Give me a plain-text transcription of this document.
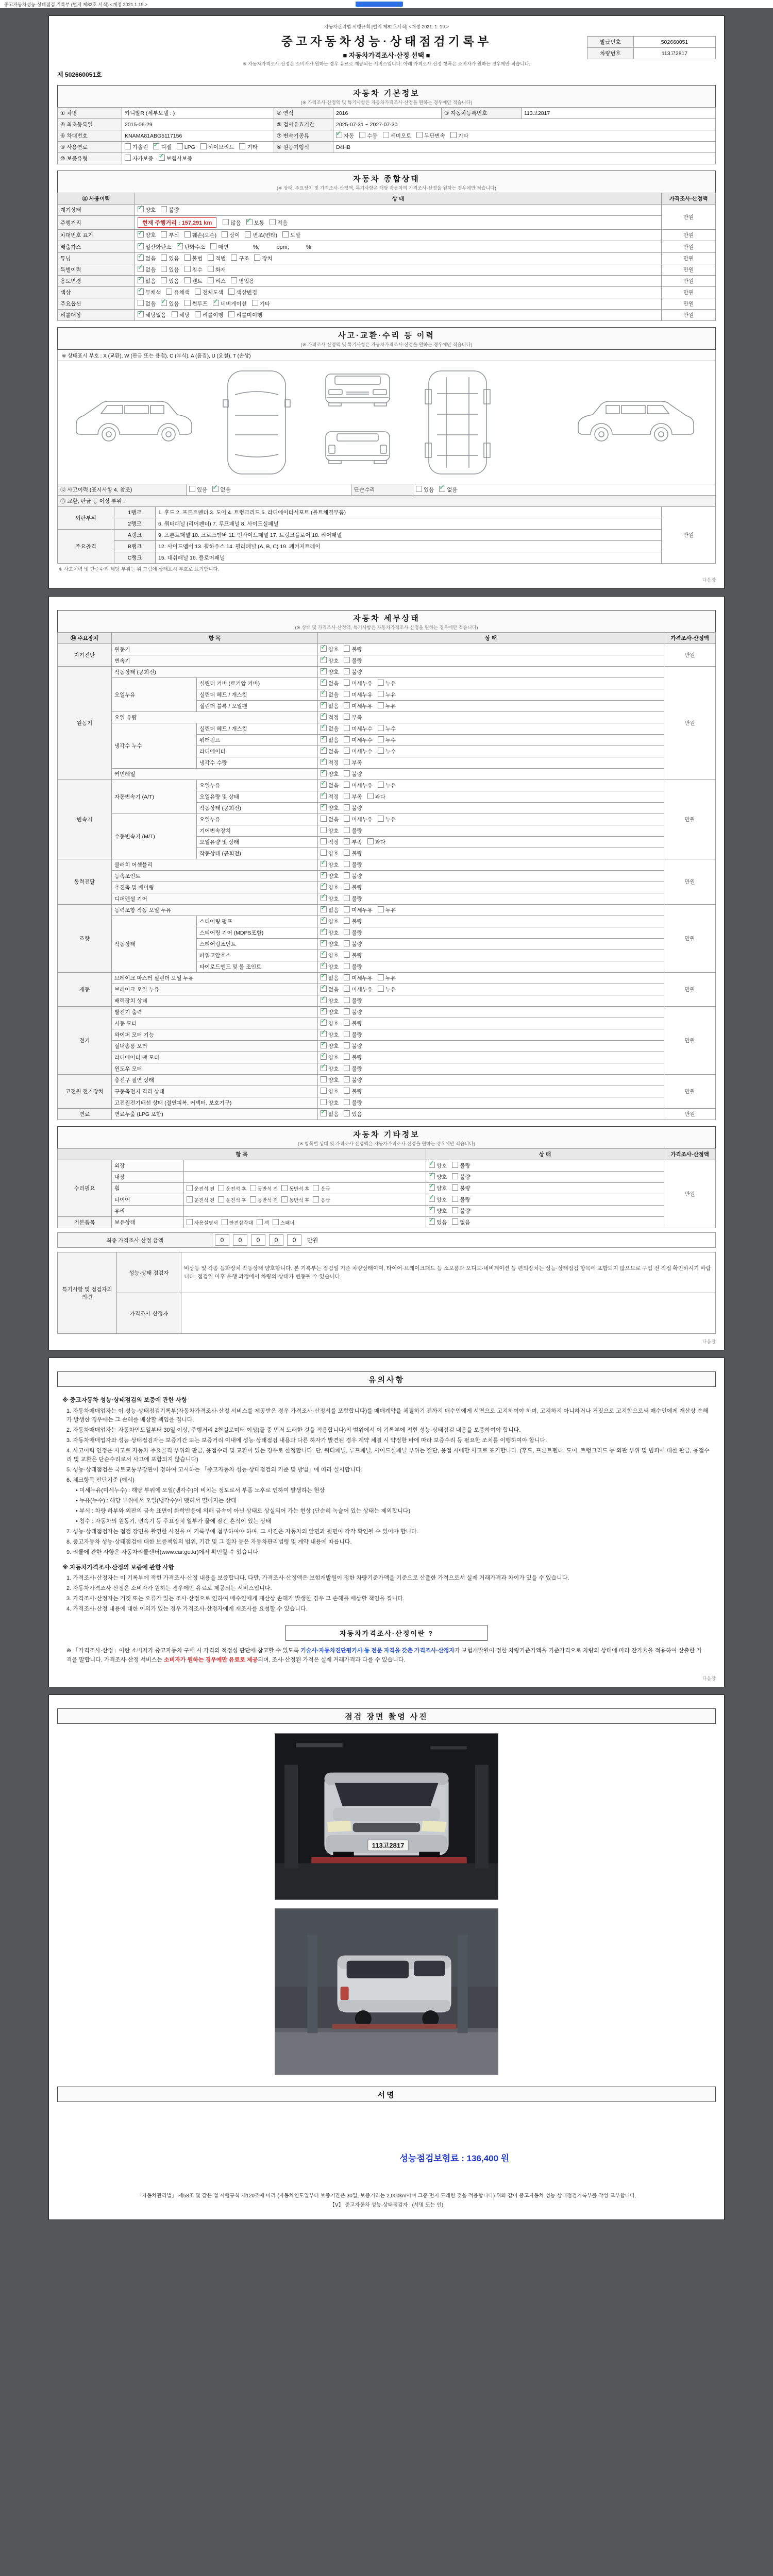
중고자동차성능·상태점검 기록부 (별지 제82호 서식) <개정 2021.1.19.>
자동차관리법 시행규칙 [별지 제82호서식] <개정 2021. 1. 19.>
발급번호	502660051
차량번호	113고2817
중고자동차성능·상태점검기록부
■ 자동차가격조사·산정 선택 ■
※ 자동차가격조사·산정은 소비자가 원하는 경우 유료로 제공되는 서비스입니다. 아래 가격조사·산정 항목은 소비자가 원하는 경우에만 적습니다.
제 502660051호
자동차 기본정보
(※ 가격조사·산정액 및 특기사항은 자동차가격조사·산정을 원하는 경우에만 적습니다)
① 차명	카니발R (세부모델 : )	② 연식	2016	③ 자동차등록번호	113고2817
④ 최초등록일	2015-06-29	⑤ 검사유효기간	2025-07-31 ~ 2027-07-30		
⑥ 차대번호	KNAMA81ABG5117156	⑦ 변속기종류	✓자동 수동 세미오토 무단변속 기타
⑧ 사용연료	가솔린 ✓ 디젤 LPG 하이브리드 기타	⑨ 원동기형식	D4HB		
⑩ 보증유형	자가보증 ✓ 보험사보증
자동차 종합상태
(※ 상태, 주요장치 및 가격조사·산정액, 특기사항은 해당 자동차의 가격조사·산정을 원하는 경우에만 적습니다)
⑪ 사용이력	상 태	가격조사·산정액
계기상태	✓양호 불량	만원
주행거리	현재 주행거리 : 157,291 km 많음 ✓ 보통 적음
차대번호 표기	✓양호 부식 훼손(오손) 상이 변조(변타) 도말	만원
배출가스	✓일산화탄소 ✓ 탄화수소 매연　　　%,　　　ppm,　　　%	만원
튜닝	✓없음 있음 불법 적법 구조 장치	만원
특별이력	✓없음 있음 침수 화재	만원
용도변경	✓없음 있음 렌트 리스 영업용	만원
색상	✓무채색 유채색 전체도색 색상변경	만원
주요옵션	없음 ✓ 있음 썬루프 ✓ 네비게이션 기타	만원
리콜대상	✓해당없음 해당 리콜이행 리콜미이행	만원
사고·교환·수리 등 이력
(※ 가격조사·산정액 및 특기사항은 자동차가격조사·산정을 원하는 경우에만 적습니다)
※ 상태표시 부호 : X (교환), W (판금 또는 용접), C (부식), A (흠집), U (요철), T (손상)
⑫ 사고이력 (표시사항 4. 참조)	있음 ✓ 없음	단순수리	있음 ✓ 없음
⑬ 교환, 판금 등 이상 부위 :			
외판부위	1랭크	1. 후드 2. 프론트펜더 3. 도어 4. 트렁크리드 5. 라디에이터서포트 (볼트체결부품)	만원
	2랭크	6. 쿼터패널 (리어펜더) 7. 루프패널 8. 사이드실패널	
주요골격	A랭크	9. 프론트패널 10. 크로스멤버 11. 인사이드패널 17. 트렁크플로어 18. 리어패널	
	B랭크	12. 사이드멤버 13. 휠하우스 14. 필러패널 (A, B, C) 19. 패키지트레이	
	C랭크	15. 대쉬패널 16. 플로어패널	
※ 사고이력 및 단순수리 해당 부위는 위 그림에 상태표시 부호로 표기합니다.
다음장
자동차 세부상태
(※ 상태 및 가격조사·산정액, 특기사항은 자동차가격조사·산정을 원하는 경우에만 적습니다)
⑭ 주요장치	항 목		상 태	가격조사·산정액
자기진단	원동기	✓양호 불량	만원
	변속기	✓양호 불량
원동기	작동상태 (공회전)	✓양호 불량	만원
	오일누유	실린더 커버 (로커암 커버)	✓없음 미세누유 누유
		실린더 헤드 / 개스킷	✓없음 미세누유 누유
		실린더 블록 / 오일팬	✓없음 미세누유 누유
	오일 유량	✓적정 부족
	냉각수 누수	실린더 헤드 / 개스킷	✓없음 미세누수 누수
		워터펌프	✓없음 미세누수 누수
		라디에이터	✓없음 미세누수 누수
		냉각수 수량	✓적정 부족
	커먼레일	✓양호 불량
변속기	자동변속기 (A/T)	오일누유	✓없음 미세누유 누유	만원
		오일유량 및 상태	✓적정 부족 과다
		작동상태 (공회전)	✓양호 불량
	수동변속기 (M/T)	오일누유	없음 미세누유 누유	
		기어변속장치	양호 불량	
		오일유량 및 상태	적정 부족 과다	
		작동상태 (공회전)	양호 불량	
동력전달	클러치 어셈블리	✓양호 불량	만원
	등속조인트	✓양호 불량
	추진축 및 베어링	✓양호 불량
	디퍼렌셜 기어	✓양호 불량
조향	동력조향 작동 오일 누유	✓없음 미세누유 누유	만원
	작동상태	스티어링 펌프	✓양호 불량
		스티어링 기어 (MDPS포함)	✓양호 불량
		스티어링조인트	✓양호 불량
		파워고압호스	✓양호 불량
		타이로드엔드 및 볼 조인트	✓양호 불량
제동	브레이크 마스터 실린더 오일 누유	✓없음 미세누유 누유	만원
	브레이크 오일 누유	✓없음 미세누유 누유
	배력장치 상태	✓양호 불량
전기	발전기 출력	✓양호 불량	만원
	시동 모터	✓양호 불량
	와이퍼 모터 기능	✓양호 불량
	실내송풍 모터	✓양호 불량
	라디에이터 팬 모터	✓양호 불량
	윈도우 모터	✓양호 불량
고전원 전기장치	충전구 절연 상태		양호 불량	만원
	구동축전지 격리 상태		양호 불량	
	고전원전기배선 상태 (절연피복, 커넥터, 보호기구)		양호 불량	
연료	연료누출 (LPG 포함)	✓없음 있음	만원
자동차 기타정보
(※ 항목별 상태 및 가격조사·산정액은 자동차가격조사·산정을 원하는 경우에만 적습니다)
항 목			상 태	가격조사·산정액
수리필요	외장		✓양호 불량	만원
	내장		✓양호 불량
	휠	운전석 전 운전석 후 동반석 전 동반석 후 응급	✓양호 불량
	타이어	운전석 전 운전석 후 동반석 전 동반석 후 응급	✓양호 불량
	유리		✓양호 불량
기본품목	보유상태	사용설명서 안전삼각대 잭 스패너	✓있음 없음
최종 가격조사·산정 금액	0 0 0 0 0 만원
특기사항 및 점검자의 의견	성능·상태 점검자	비상등 및 각종 등화장치 작동상태 양호합니다. 본 기록부는 점검일 기준 차량상태이며, 타이어·브레이크패드 등 소모품과 오디오·네비게이션 등 편의장치는 성능·상태점검 항목에 포함되지 않으므로 구입 전 직접 확인하시기 바랍니다. 점검일 이후 운행 과정에서 차량의 상태가 변동될 수 있습니다.
	가격조사·산정자	
다음장
유의사항
※ 중고자동차 성능·상태점검의 보증에 관한 사항
1. 자동차매매업자는 이 성능·상태점검기록부(자동차가격조사·산정 서비스를 제공받은 경우 가격조사·산정서를 포함합니다)를 매매계약을 체결하기 전까지 매수인에게 서면으로 고지하여야 하며, 고지하지 아니하거나 거짓으로 고지함으로써 매수인에게 재산상 손해가 발생한 경우에는 그 손해를 배상할 책임을 집니다.
2. 자동차매매업자는 자동차인도일부터 30일 이상, 주행거리 2천킬로미터 이상(둘 중 먼저 도래한 것을 적용합니다)의 범위에서 이 기록부에 적힌 성능·상태점검 내용을 보증하여야 합니다.
3. 자동차매매업자와 성능·상태점검자는 보증기간 또는 보증거리 이내에 성능·상태점검 내용과 다른 하자가 발견된 경우 계약 체결 시 약정한 바에 따라 보증수리 등 필요한 조치를 이행하여야 합니다.
4. 사고이력 인정은 사고로 자동차 주요골격 부위의 판금, 용접수리 및 교환이 있는 경우로 한정합니다. 단, 쿼터패널, 루프패널, 사이드실패널 부위는 절단, 용접 시에만 사고로 표기합니다. (후드, 프론트펜더, 도어, 트렁크리드 등 외판 부위 및 범퍼에 대한 판금, 용접수리 및 교환은 단순수리로서 사고에 포함되지 않습니다)
5. 성능·상태점검은 국토교통부장관이 정하여 고시하는 「중고자동차 성능·상태점검의 기준 및 방법」에 따라 실시합니다.
6. 체크항목 판단기준 (예시)
• 미세누유(미세누수) : 해당 부위에 오일(냉각수)이 비치는 정도로서 부품 노후로 인하여 발생하는 현상
• 누유(누수) : 해당 부위에서 오일(냉각수)이 맺혀서 떨어지는 상태
• 부식 : 차량 하부와 외판의 금속 표면이 화학반응에 의해 금속이 아닌 상태로 상실되어 가는 현상 (단순히 녹슬어 있는 상태는 제외합니다)
• 침수 : 자동차의 원동기, 변속기 등 주요장치 일부가 물에 잠긴 흔적이 있는 상태
7. 성능·상태점검자는 점검 장면을 촬영한 사진을 이 기록부에 첨부하여야 하며, 그 사진은 자동차의 앞면과 뒷면이 각각 확인될 수 있어야 합니다.
8. 중고자동차 성능·상태점검에 대한 보증책임의 범위, 기간 및 그 절차 등은 자동차관리법령 및 계약 내용에 따릅니다.
9. 리콜에 관한 사항은 자동차리콜센터(www.car.go.kr)에서 확인할 수 있습니다.
※ 자동차가격조사·산정의 보증에 관한 사항
1. 가격조사·산정자는 이 기록부에 적힌 가격조사·산정 내용을 보증합니다. 다만, 가격조사·산정액은 보험개발원이 정한 차량기준가액을 기준으로 산출한 가격으로서 실제 거래가격과 차이가 있을 수 있습니다.
2. 자동차가격조사·산정은 소비자가 원하는 경우에만 유료로 제공되는 서비스입니다.
3. 가격조사·산정자는 거짓 또는 오류가 있는 조사·산정으로 인하여 매수인에게 재산상 손해가 발생한 경우 그 손해를 배상할 책임을 집니다.
4. 가격조사·산정 내용에 대한 이의가 있는 경우 가격조사·산정자에게 재조사를 요청할 수 있습니다.
자동차가격조사·산정이란 ?
※ 「가격조사·산정」이란 소비자가 중고자동차 구매 시 가격의 적정성 판단에 참고할 수 있도록 기술사·자동차진단평가사 등 전문 자격을 갖춘 가격조사·산정자가 보험개발원이 정한 차량기준가액을 기준가격으로 차량의 상태에 따라 잔가율을 적용하여 산출한 가격을 말합니다. 가격조사·산정 서비스는 소비자가 원하는 경우에만 유료로 제공되며, 조사·산정된 가격은 실제 거래가격과 다를 수 있습니다.
다음장
점검 장면 촬영 사진
113고2817
서명
성능점검보험료 : 136,400 원
「자동차관리법」 제58조 및 같은 법 시행규칙 제120조에 따라 (자동차인도일부터 보증기간은 30일, 보증거리는 2,000km이며 그중 먼저 도래한 것을 적용합니다) 위와 같이 중고자동차 성능·상태점검기록부를 작성·교부합니다.
【V】 중고자동차 성능·상태점검자 : (서명 또는 인)
